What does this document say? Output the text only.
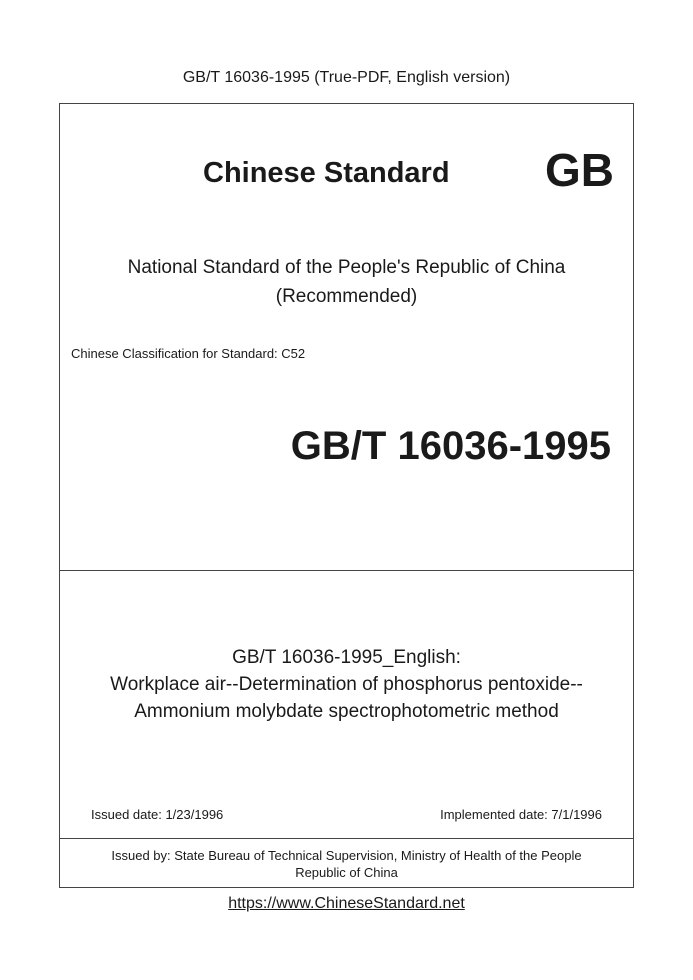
GB/T 16036-1995 (True-PDF, English version)
Chinese Standard GB
National Standard of the People's Republic of China
(Recommended)
Chinese Classification for Standard: C52
GB/T 16036-1995
GB/T 16036-1995_English:
Workplace air--Determination of phosphorus pentoxide--
Ammonium molybdate spectrophotometric method
Issued date: 1/23/1996	Implemented date: 7/1/1996
Issued by: State Bureau of Technical Supervision, Ministry of Health of the People
Republic of China
https://www.ChineseStandard.net
